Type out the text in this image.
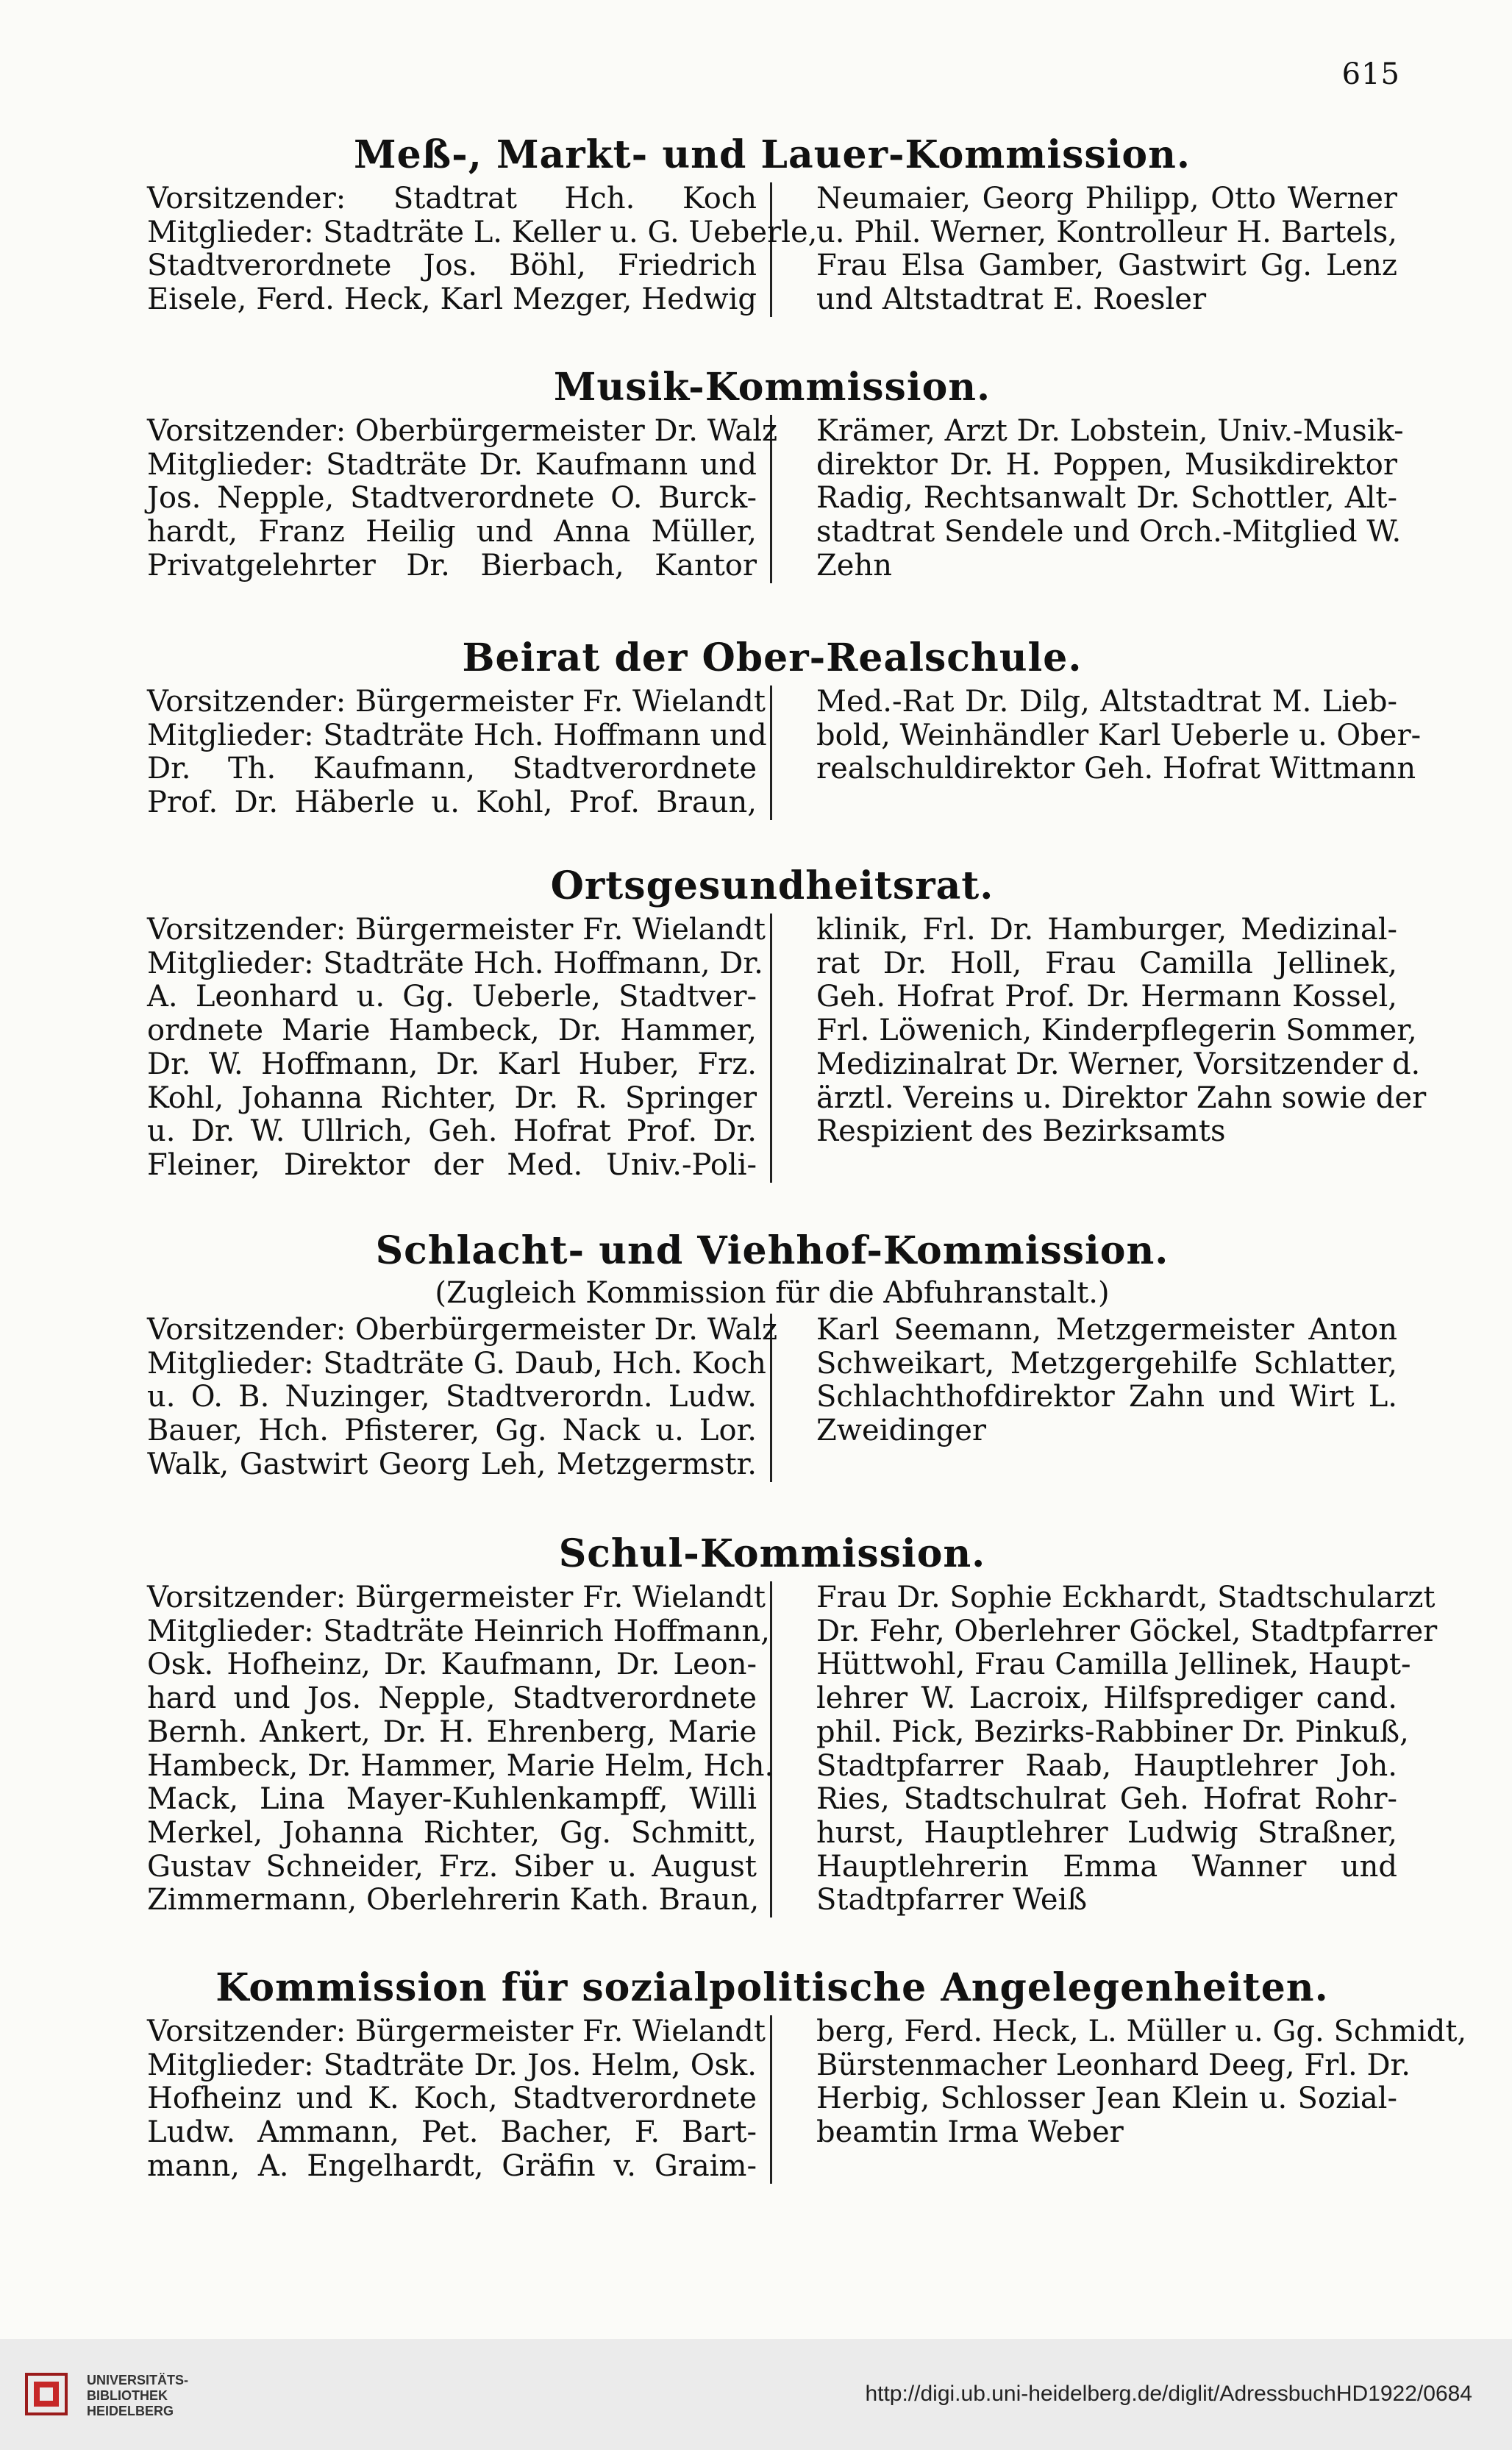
615
Meß-, Markt- und Lauer-Kommission.
Vorsitzender: Stadtrat Hch. Koch
Mitglieder: Stadträte L. Keller u. G. Ueberle,
Stadtverordnete Jos. Böhl, Friedrich
Eisele, Ferd. Heck, Karl Mezger, Hedwig
Neumaier, Georg Philipp, Otto Werner
u. Phil. Werner, Kontrolleur H. Bartels,
Frau Elsa Gamber, Gastwirt Gg. Lenz
und Altstadtrat E. Roesler
Musik-Kommission.
Vorsitzender: Oberbürgermeister Dr. Walz
Mitglieder: Stadträte Dr. Kaufmann und
Jos. Nepple, Stadtverordnete O. Burck-
hardt, Franz Heilig und Anna Müller,
Privatgelehrter Dr. Bierbach, Kantor
Krämer, Arzt Dr. Lobstein, Univ.-Musik-
direktor Dr. H. Poppen, Musikdirektor
Radig, Rechtsanwalt Dr. Schottler, Alt-
stadtrat Sendele und Orch.-Mitglied W.
Zehn
Beirat der Ober-Realschule.
Vorsitzender: Bürgermeister Fr. Wielandt
Mitglieder: Stadträte Hch. Hoffmann und
Dr. Th. Kaufmann, Stadtverordnete
Prof. Dr. Häberle u. Kohl, Prof. Braun,
Med.-Rat Dr. Dilg, Altstadtrat M. Lieb-
bold, Weinhändler Karl Ueberle u. Ober-
realschuldirektor Geh. Hofrat Wittmann
Ortsgesundheitsrat.
Vorsitzender: Bürgermeister Fr. Wielandt
Mitglieder: Stadträte Hch. Hoffmann, Dr.
A. Leonhard u. Gg. Ueberle, Stadtver-
ordnete Marie Hambeck, Dr. Hammer,
Dr. W. Hoffmann, Dr. Karl Huber, Frz.
Kohl, Johanna Richter, Dr. R. Springer
u. Dr. W. Ullrich, Geh. Hofrat Prof. Dr.
Fleiner, Direktor der Med. Univ.-Poli-
klinik, Frl. Dr. Hamburger, Medizinal-
rat Dr. Holl, Frau Camilla Jellinek,
Geh. Hofrat Prof. Dr. Hermann Kossel,
Frl. Löwenich, Kinderpflegerin Sommer,
Medizinalrat Dr. Werner, Vorsitzender d.
ärztl. Vereins u. Direktor Zahn sowie der
Respizient des Bezirksamts
Schlacht- und Viehhof-Kommission.

(Zugleich Kommission für die Abfuhranstalt.)

Vorsitzender: Oberbürgermeister Dr. Walz
Mitglieder: Stadträte G. Daub, Hch. Koch
u. O. B. Nuzinger, Stadtverordn. Ludw.
Bauer, Hch. Pfisterer, Gg. Nack u. Lor.
Walk, Gastwirt Georg Leh, Metzgermstr.
Karl Seemann, Metzgermeister Anton
Schweikart, Metzgergehilfe Schlatter,
Schlachthofdirektor Zahn und Wirt L.
Zweidinger
Schul-Kommission.
Vorsitzender: Bürgermeister Fr. Wielandt
Mitglieder: Stadträte Heinrich Hoffmann,
Osk. Hofheinz, Dr. Kaufmann, Dr. Leon-
hard und Jos. Nepple, Stadtverordnete
Bernh. Ankert, Dr. H. Ehrenberg, Marie
Hambeck, Dr. Hammer, Marie Helm, Hch.
Mack, Lina Mayer-Kuhlenkampff, Willi
Merkel, Johanna Richter, Gg. Schmitt,
Gustav Schneider, Frz. Siber u. August
Zimmermann, Oberlehrerin Kath. Braun,
Frau Dr. Sophie Eckhardt, Stadtschularzt
Dr. Fehr, Oberlehrer Göckel, Stadtpfarrer
Hüttwohl, Frau Camilla Jellinek, Haupt-
lehrer W. Lacroix, Hilfsprediger cand.
phil. Pick, Bezirks-Rabbiner Dr. Pinkuß,
Stadtpfarrer Raab, Hauptlehrer Joh.
Ries, Stadtschulrat Geh. Hofrat Rohr-
hurst, Hauptlehrer Ludwig Straßner,
Hauptlehrerin Emma Wanner und
Stadtpfarrer Weiß
Kommission für sozialpolitische Angelegenheiten.
Vorsitzender: Bürgermeister Fr. Wielandt
Mitglieder: Stadträte Dr. Jos. Helm, Osk.
Hofheinz und K. Koch, Stadtverordnete
Ludw. Ammann, Pet. Bacher, F. Bart-
mann, A. Engelhardt, Gräfin v. Graim-
berg, Ferd. Heck, L. Müller u. Gg. Schmidt,
Bürstenmacher Leonhard Deeg, Frl. Dr.
Herbig, Schlosser Jean Klein u. Sozial-
beamtin Irma Weber
UNIVERSITÄTS-
BIBLIOTHEK
HEIDELBERG
http://digi.ub.uni-heidelberg.de/diglit/AdressbuchHD1922/0684
